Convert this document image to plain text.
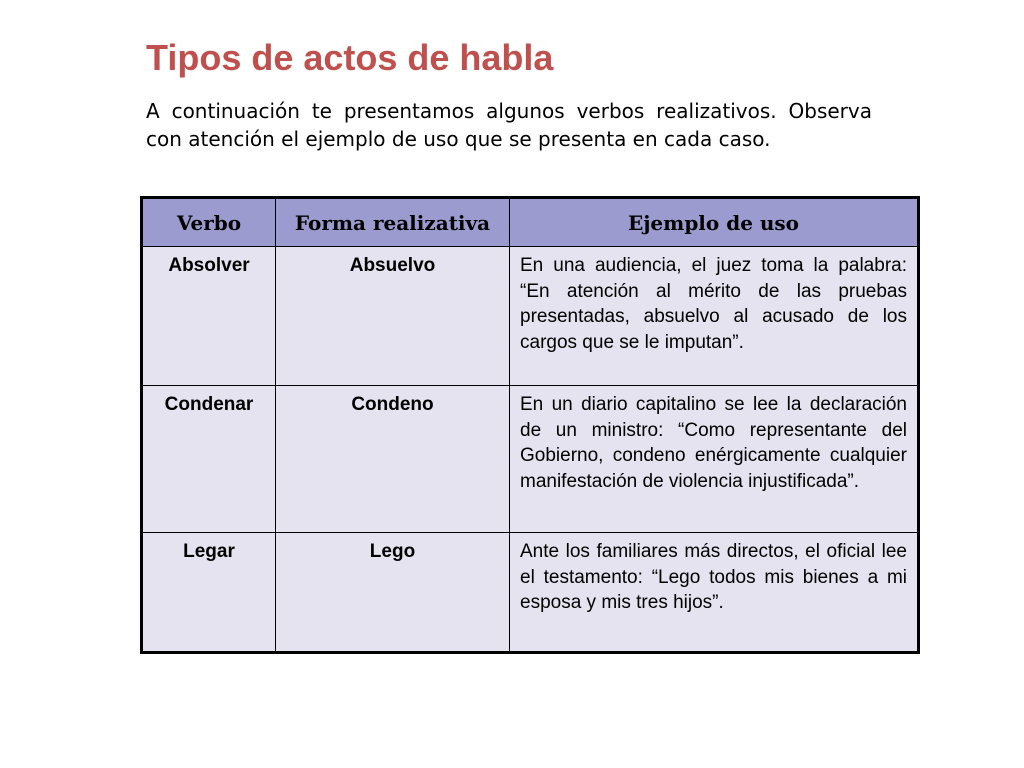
Tipos de actos de habla

A continuación te presentamos algunos verbos realizativos. Observa con atención el ejemplo de uso que se presenta en cada caso.

Verbo	Forma realizativa	Ejemplo de uso
Absolver	Absuelvo	En una audiencia, el juez toma la palabra: “En atención al mérito de las pruebas presentadas, absuelvo al acusado de los cargos que se le imputan”.
Condenar	Condeno	En un diario capitalino se lee la declaración de un ministro: “Como representante del Gobierno, condeno enérgicamente cualquier manifestación de violencia injustificada”.
Legar	Lego	Ante los familiares más directos, el oficial lee el testamento: “Lego todos mis bienes a mi esposa y mis tres hijos”.
